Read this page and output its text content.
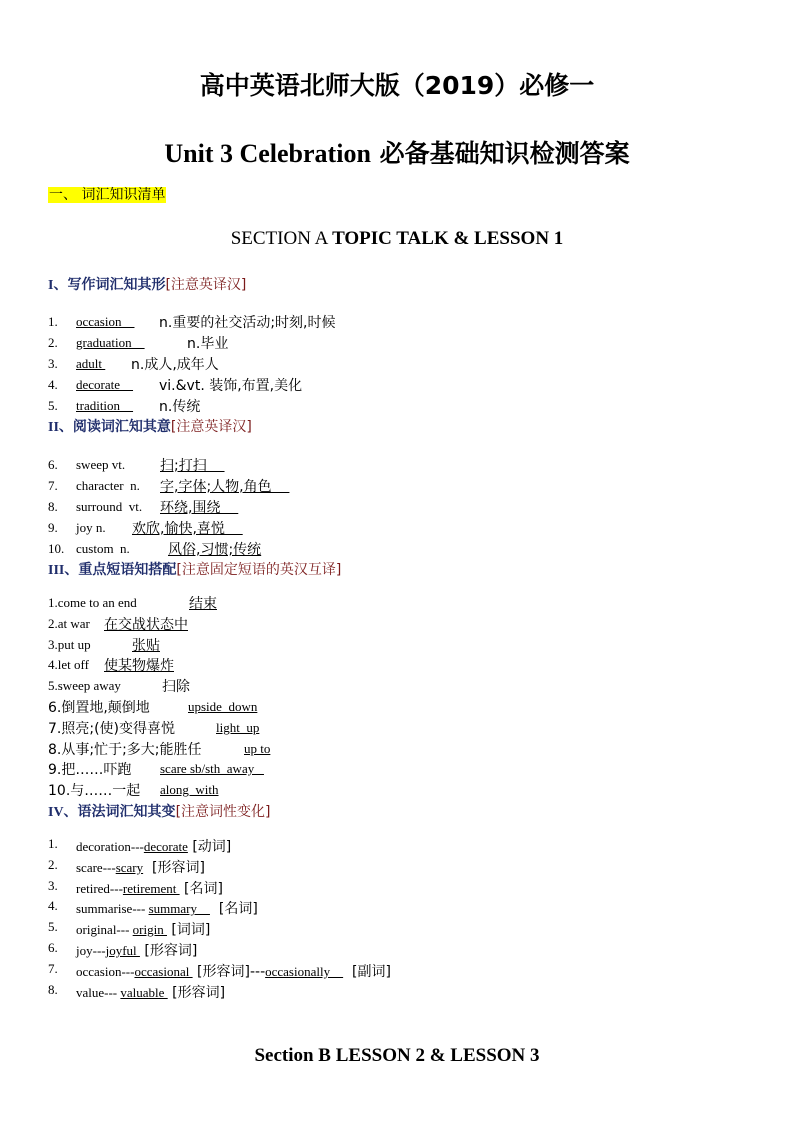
高中英语北师大版（2019）必修一
Unit 3 Celebration 必备基础知识检测答案
一、 词汇知识清单
SECTION A TOPIC TALK & LESSON 1
I、写作词汇知其形[注意英译汉]
1. occasion n.重要的社交活动;时刻,时候
2. graduation	n.毕业
3. adult n.成人,成年人
4. decorate vi.&vt. 装饰,布置,美化
5. tradition n.传统
II、阅读词汇知其意[注意英译汉]
6. sweep vt. 扫;打扫
7. character  n. 字,字体;人物,角色
8. surround  vt. 环绕,围绕
9. joy n. 欢欣,愉快,喜悦
10. custom  n.	风俗,习惯;传统
III、重点短语知搭配[注意固定短语的英汉互译]
1.come to an end	结束
2.at war 在交战状态中
3.put up	张贴
4.let off 使某物爆炸
5.sweep away	扫除
6.倒置地,颠倒地	upside  down
7.照亮;(使)变得喜悦	light  up
8.从事;忙于;多大;能胜任	up to
9.把……吓跑 scare sb/sth  away
10.与……一起 along  with
IV、语法词汇知其变[注意词性变化]
1. decoration---decorate [动词]
2. scare---scary  [形容词]
3. retired---retirement  [名词]
4. summarise--- summary      [名词]
5. original--- origin  [词词]
6. joy---joyful  [形容词]
7. occasion---occasional  [形容词]---occasionally      [副词]
8. value--- valuable  [形容词]
Section B LESSON 2 & LESSON 3
